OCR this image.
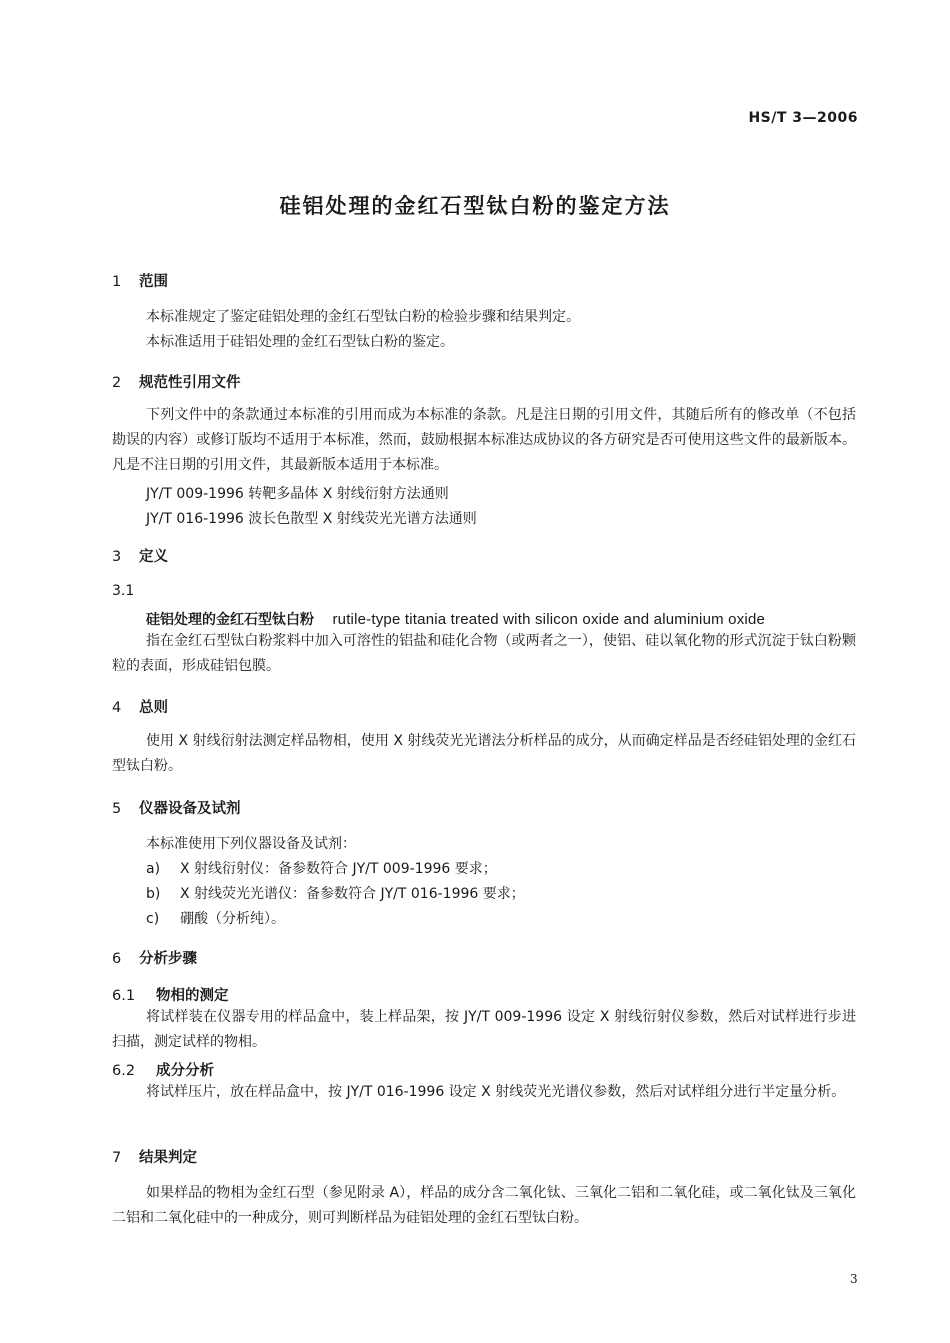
HS/T 3—2006
硅铝处理的金红石型钛白粉的鉴定方法
1 范围
本标准规定了鉴定硅铝处理的金红石型钛白粉的检验步骤和结果判定。
本标准适用于硅铝处理的金红石型钛白粉的鉴定。
2 规范性引用文件
下列文件中的条款通过本标准的引用而成为本标准的条款。凡是注日期的引用文件，其随后所有的修改单（不包括勘误的内容）或修订版均不适用于本标准，然而，鼓励根据本标准达成协议的各方研究是否可使用这些文件的最新版本。凡是不注日期的引用文件，其最新版本适用于本标准。
JY/T 009-1996 转靶多晶体 X 射线衍射方法通则
JY/T 016-1996 波长色散型 X 射线荧光光谱方法通则
3 定义
3.1
硅铝处理的金红石型钛白粉 rutile-type titania treated with silicon oxide and aluminium oxide
指在金红石型钛白粉浆料中加入可溶性的铝盐和硅化合物（或两者之一），使铝、硅以氧化物的形式沉淀于钛白粉颗粒的表面，形成硅铝包膜。
4 总则
使用 X 射线衍射法测定样品物相，使用 X 射线荧光光谱法分析样品的成分，从而确定样品是否经硅铝处理的金红石型钛白粉。
5 仪器设备及试剂
本标准使用下列仪器设备及试剂：
a) X 射线衍射仪：备参数符合 JY/T 009-1996 要求；
b) X 射线荧光光谱仪：备参数符合 JY/T 016-1996 要求；
c) 硼酸（分析纯）。
6 分析步骤
6.1 物相的测定
将试样装在仪器专用的样品盒中，装上样品架，按 JY/T 009-1996 设定 X 射线衍射仪参数，然后对试样进行步进扫描，测定试样的物相。
6.2 成分分析
将试样压片，放在样品盒中，按 JY/T 016-1996 设定 X 射线荧光光谱仪参数，然后对试样组分进行半定量分析。
7 结果判定
如果样品的物相为金红石型（参见附录 A），样品的成分含二氧化钛、三氧化二铝和二氧化硅，或二氧化钛及三氧化二铝和二氧化硅中的一种成分，则可判断样品为硅铝处理的金红石型钛白粉。
3
